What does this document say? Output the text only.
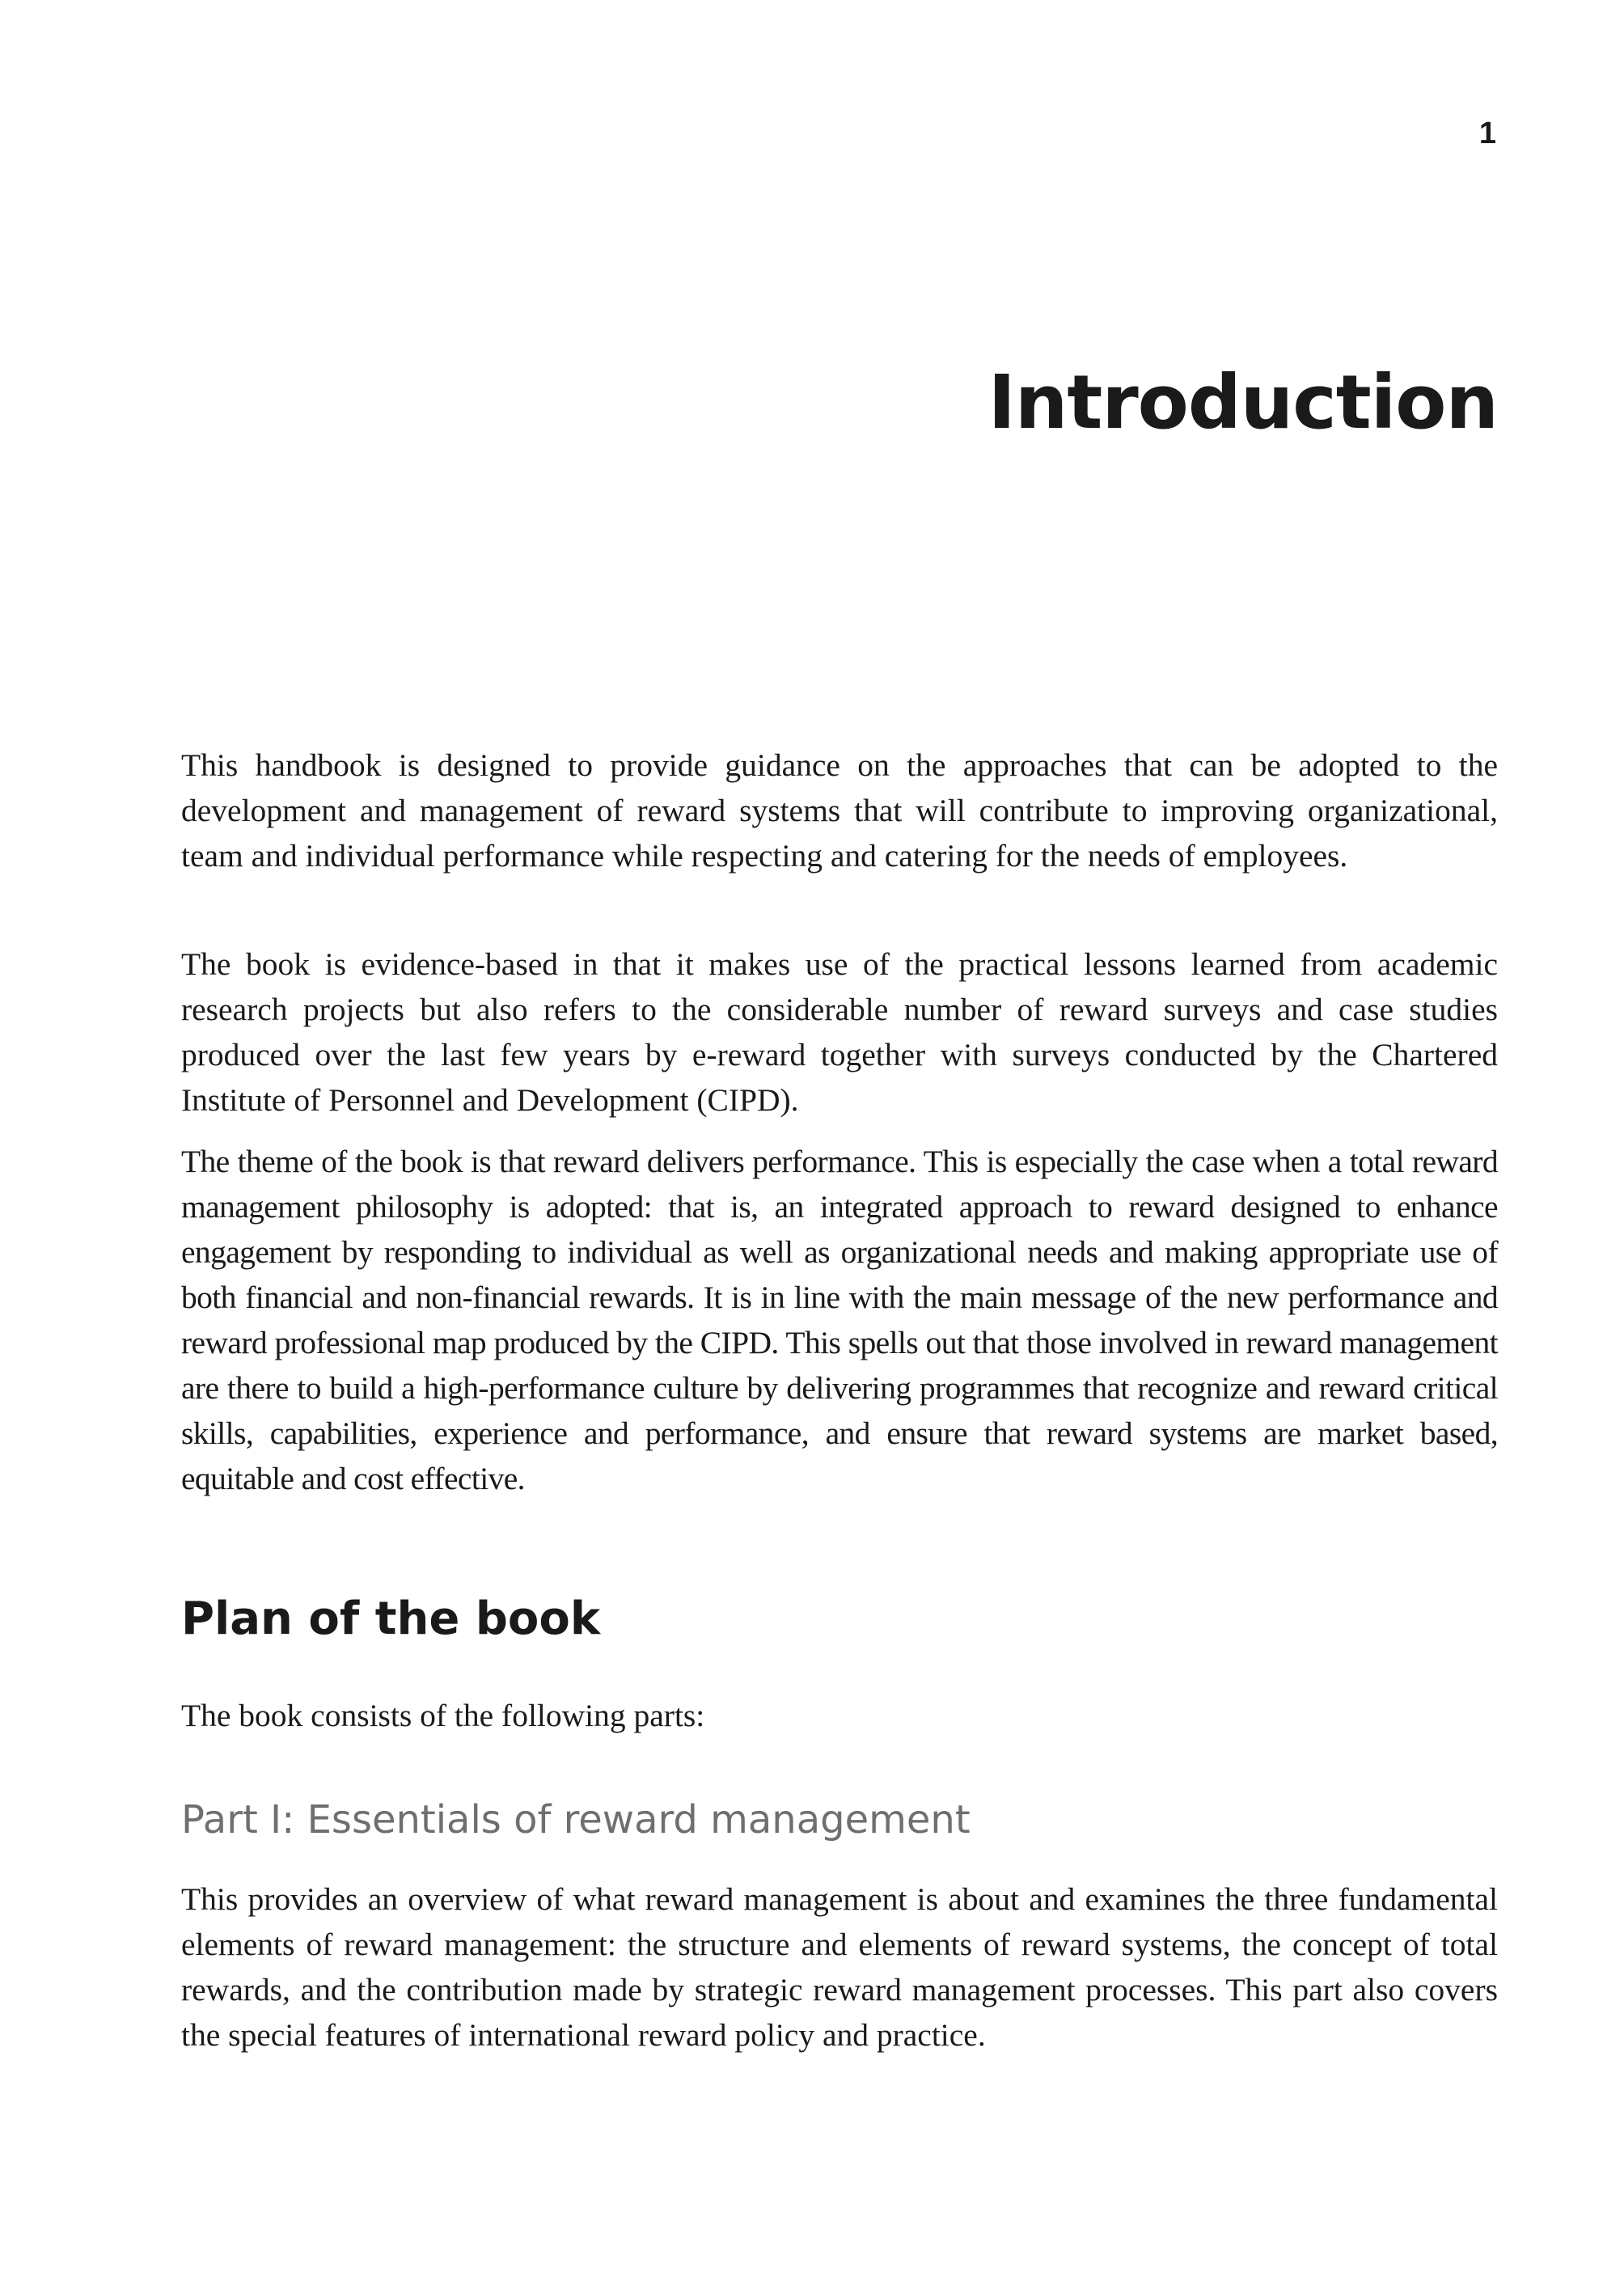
1
Introduction

This handbook is designed to provide guidance on the approaches that can be adopted to the development and management of reward systems that will contribute to improving organizational, team and individual performance while respecting and catering for the needs of employees.

The book is evidence-based in that it makes use of the practical lessons learned from academic research projects but also refers to the considerable number of reward surveys and case studies produced over the last few years by e-reward together with surveys conducted by the Chartered Institute of Personnel and Development (CIPD).

The theme of the book is that reward delivers performance. This is especially the case when a total reward management philosophy is adopted: that is, an integrated approach to reward designed to enhance engagement by responding to individual as well as organizational needs and making appropriate use of both financial and non-financial rewards. It is in line with the main message of the new performance and reward professional map produced by the CIPD. This spells out that those involved in reward management are there to build a high-performance culture by delivering programmes that recognize and reward critical skills, capabilities, experience and performance, and ensure that reward systems are market based, equitable and cost effective.

Plan of the book

The book consists of the following parts:

Part I: Essentials of reward management

This provides an overview of what reward management is about and examines the three fundamental elements of reward management: the structure and elements of reward systems, the concept of total rewards, and the contribution made by strategic reward management processes. This part also covers the special features of international reward policy and practice.
